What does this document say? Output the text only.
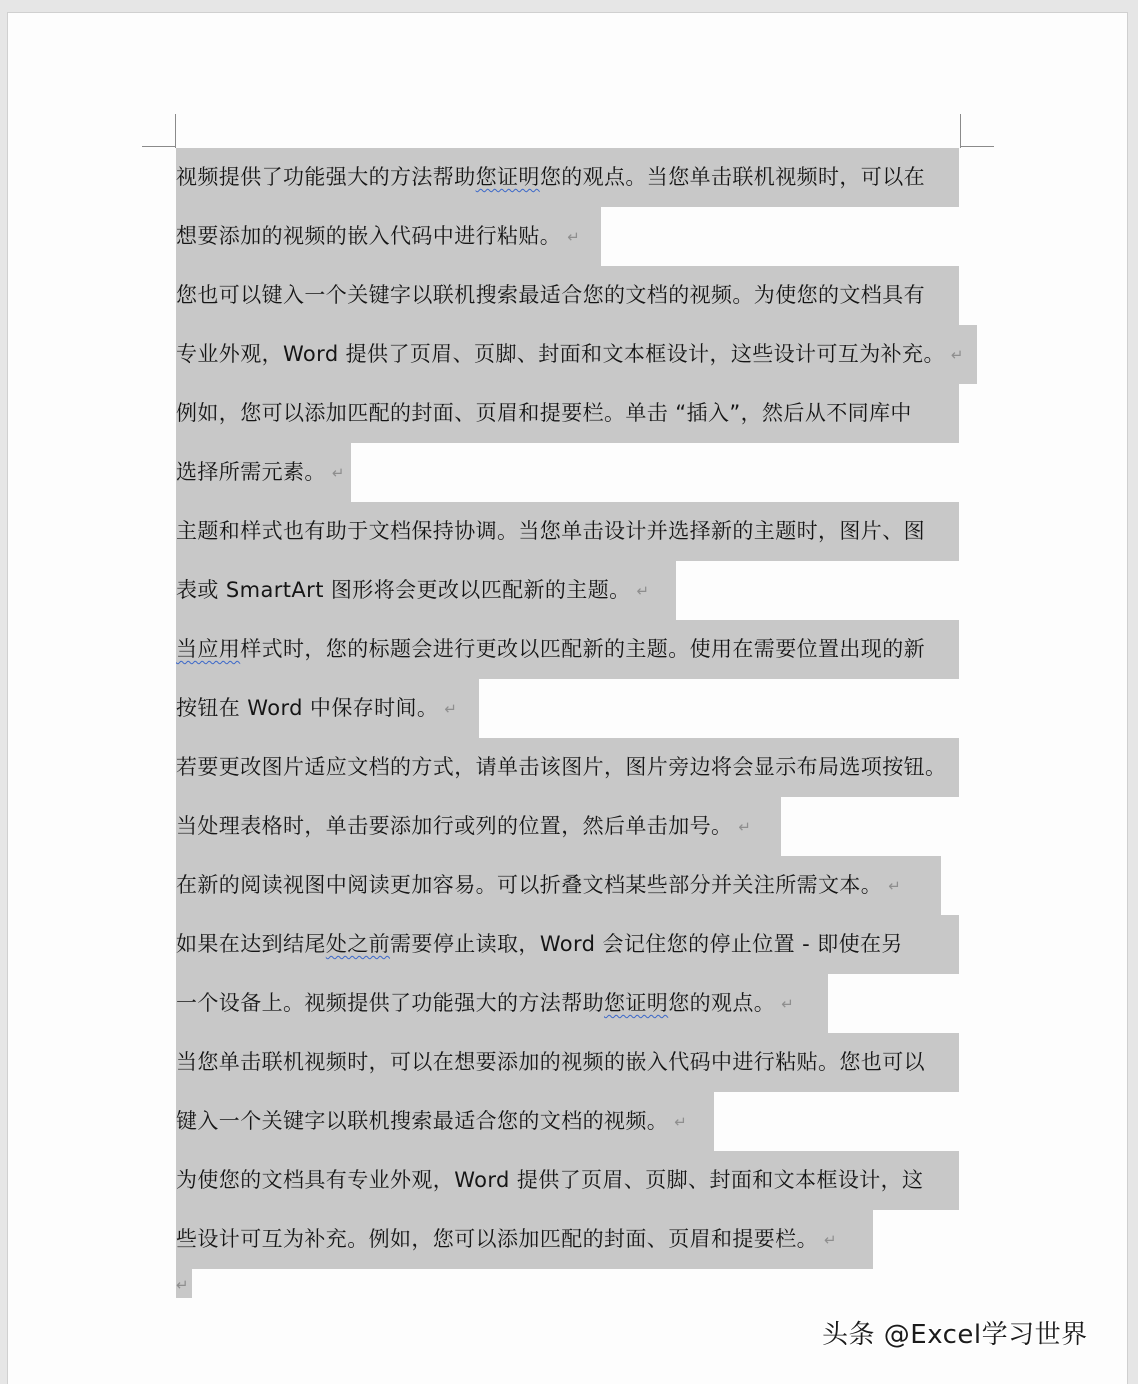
视频提供了功能强大的方法帮助您证明您的观点。当您单击联机视频时，可以在
想要添加的视频的嵌入代码中进行粘贴。 ↵
您也可以键入一个关键字以联机搜索最适合您的文档的视频。为使您的文档具有
专业外观，Word 提供了页眉、页脚、封面和文本框设计，这些设计可互为补充。 ↵
例如，您可以添加匹配的封面、页眉和提要栏。单击 “插入”，然后从不同库中
选择所需元素。 ↵
主题和样式也有助于文档保持协调。当您单击设计并选择新的主题时，图片、图
表或 SmartArt 图形将会更改以匹配新的主题。 ↵
当应用样式时，您的标题会进行更改以匹配新的主题。使用在需要位置出现的新
按钮在 Word 中保存时间。 ↵
若要更改图片适应文档的方式，请单击该图片，图片旁边将会显示布局选项按钮。
当处理表格时，单击要添加行或列的位置，然后单击加号。 ↵
在新的阅读视图中阅读更加容易。可以折叠文档某些部分并关注所需文本。 ↵
如果在达到结尾处之前需要停止读取，Word 会记住您的停止位置 - 即使在另
一个设备上。视频提供了功能强大的方法帮助您证明您的观点。 ↵
当您单击联机视频时，可以在想要添加的视频的嵌入代码中进行粘贴。您也可以
键入一个关键字以联机搜索最适合您的文档的视频。 ↵
为使您的文档具有专业外观，Word 提供了页眉、页脚、封面和文本框设计，这
些设计可互为补充。例如，您可以添加匹配的封面、页眉和提要栏。 ↵
↵
头条 @Excel学习世界
